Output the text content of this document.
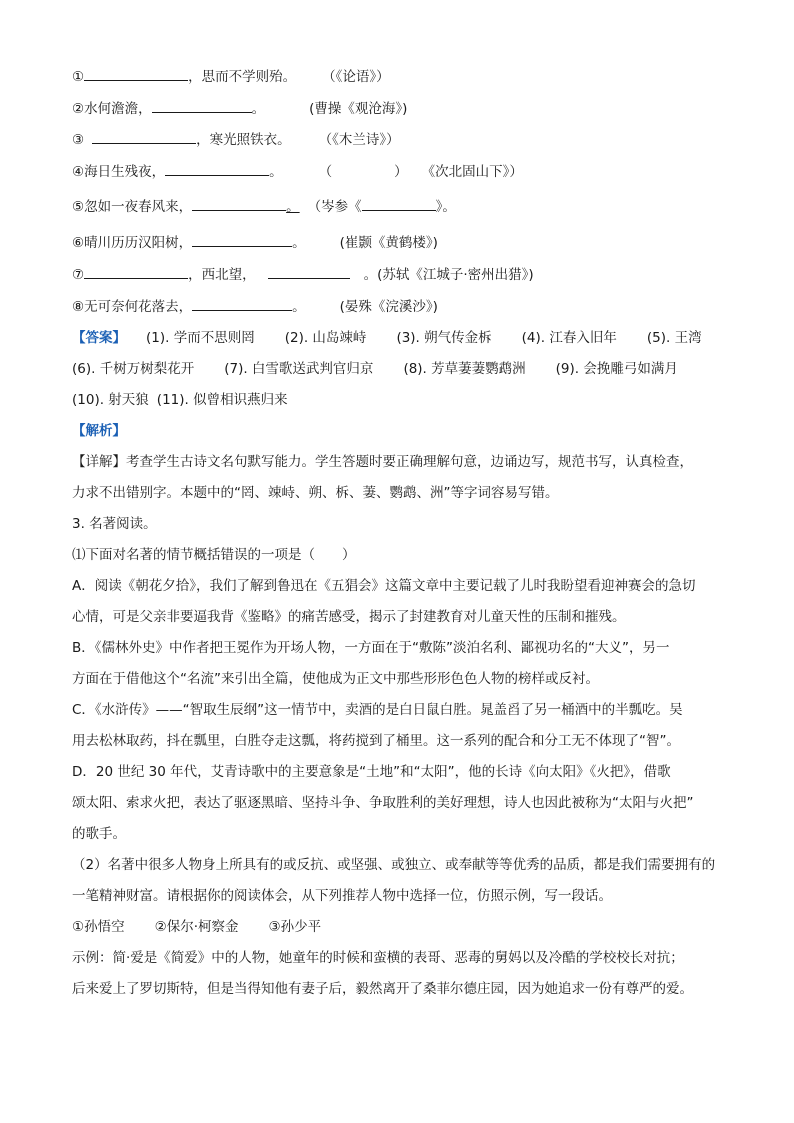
①	，思而不学则殆。 （《论语》）
②水何澹澹，	。	(曹操《观沧海》)
③	，寒光照铁衣。 （《木兰诗》）
④海日生残夜，	。	（	） 《次北固山下》）
⑤忽如一夜春风来，	。 （岑参《	》。
⑥晴川历历汉阳树，	。	(崔颢《黄鹤楼》)
⑦	，西北望，	。(苏轼《江城子·密州出猎》)
⑧无可奈何花落去，	。	(晏殊《浣溪沙》)
【答案】 (1). 学而不思则罔 (2). 山岛竦峙 (3). 朔气传金柝 (4). 江春入旧年 (5). 王湾
(6). 千树万树梨花开 (7). 白雪歌送武判官归京 (8). 芳草萋萋鹦鹉洲 (9). 会挽雕弓如满月
(10). 射天狼 (11). 似曾相识燕归来
【解析】
【详解】考查学生古诗文名句默写能力。学生答题时要正确理解句意，边诵边写，规范书写，认真检查，
力求不出错别字。本题中的“罔、竦峙、朔、柝、萋、鹦鹉、洲”等字词容易写错。
3. 名著阅读。
⑴下面对名著的情节概括错误的一项是（　　）
A．阅读《朝花夕拾》，我们了解到鲁迅在《五猖会》这篇文章中主要记载了儿时我盼望看迎神赛会的急切
心情，可是父亲非要逼我背《鉴略》的痛苦感受，揭示了封建教育对儿童天性的压制和摧残。
B．《儒林外史》中作者把王冕作为开场人物，一方面在于“敷陈”淡泊名利、鄙视功名的“大义”，另一
方面在于借他这个“名流”来引出全篇，使他成为正文中那些形形色色人物的榜样或反衬。
C．《水浒传》——“智取生辰纲”这一情节中，卖酒的是白日鼠白胜。晁盖舀了另一桶酒中的半瓢吃。吴
用去松林取药，抖在瓢里，白胜夺走这瓢，将药搅到了桶里。这一系列的配合和分工无不体现了“智”。
D．20 世纪 30 年代，艾青诗歌中的主要意象是“土地”和“太阳”，他的长诗《向太阳》《火把》，借歌
颂太阳、索求火把，表达了驱逐黑暗、坚持斗争、争取胜利的美好理想，诗人也因此被称为“太阳与火把”
的歌手。
（2）名著中很多人物身上所具有的或反抗、或坚强、或独立、或奉献等等优秀的品质，都是我们需要拥有的
一笔精神财富。请根据你的阅读体会，从下列推荐人物中选择一位，仿照示例，写一段话。
①孙悟空 ②保尔·柯察金 ③孙少平
示例：简·爱是《简爱》中的人物，她童年的时候和蛮横的表哥、恶毒的舅妈以及冷酷的学校校长对抗；
后来爱上了罗切斯特，但是当得知他有妻子后，毅然离开了桑菲尔德庄园，因为她追求一份有尊严的爱。
